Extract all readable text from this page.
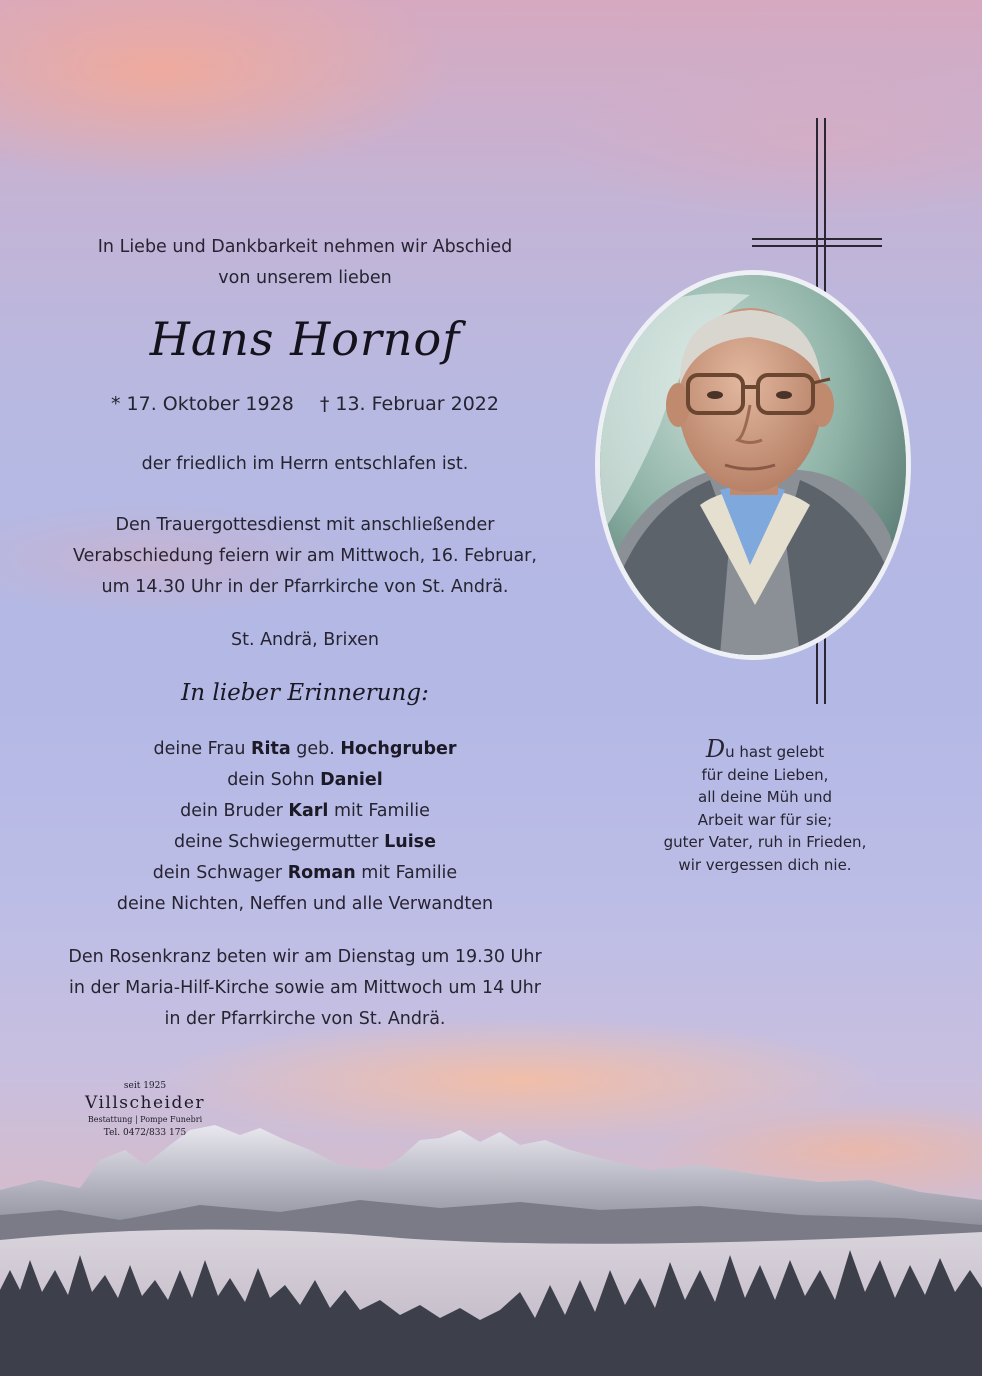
In Liebe und Dankbarkeit nehmen wir Abschied
von unserem lieben
Hans Hornof
* 17. Oktober 1928 † 13. Februar 2022
der friedlich im Herrn entschlafen ist.
Den Trauergottesdienst mit anschließender
Verabschiedung feiern wir am Mittwoch, 16. Februar,
um 14.30 Uhr in der Pfarrkirche von St. Andrä.
St. Andrä, Brixen
In lieber Erinnerung:
deine Frau Rita geb. Hochgruber
dein Sohn Daniel
dein Bruder Karl mit Familie
deine Schwiegermutter Luise
dein Schwager Roman mit Familie
deine Nichten, Neffen und alle Verwandten
Den Rosenkranz beten wir am Dienstag um 19.30 Uhr
in der Maria-Hilf-Kirche sowie am Mittwoch um 14 Uhr
in der Pfarrkirche von St. Andrä.
Du hast gelebt
für deine Lieben,
all deine Müh und
Arbeit war für sie;
guter Vater, ruh in Frieden,
wir vergessen dich nie.
seit 1925
Villscheider
Bestattung | Pompe Funebri
Tel. 0472/833 175
